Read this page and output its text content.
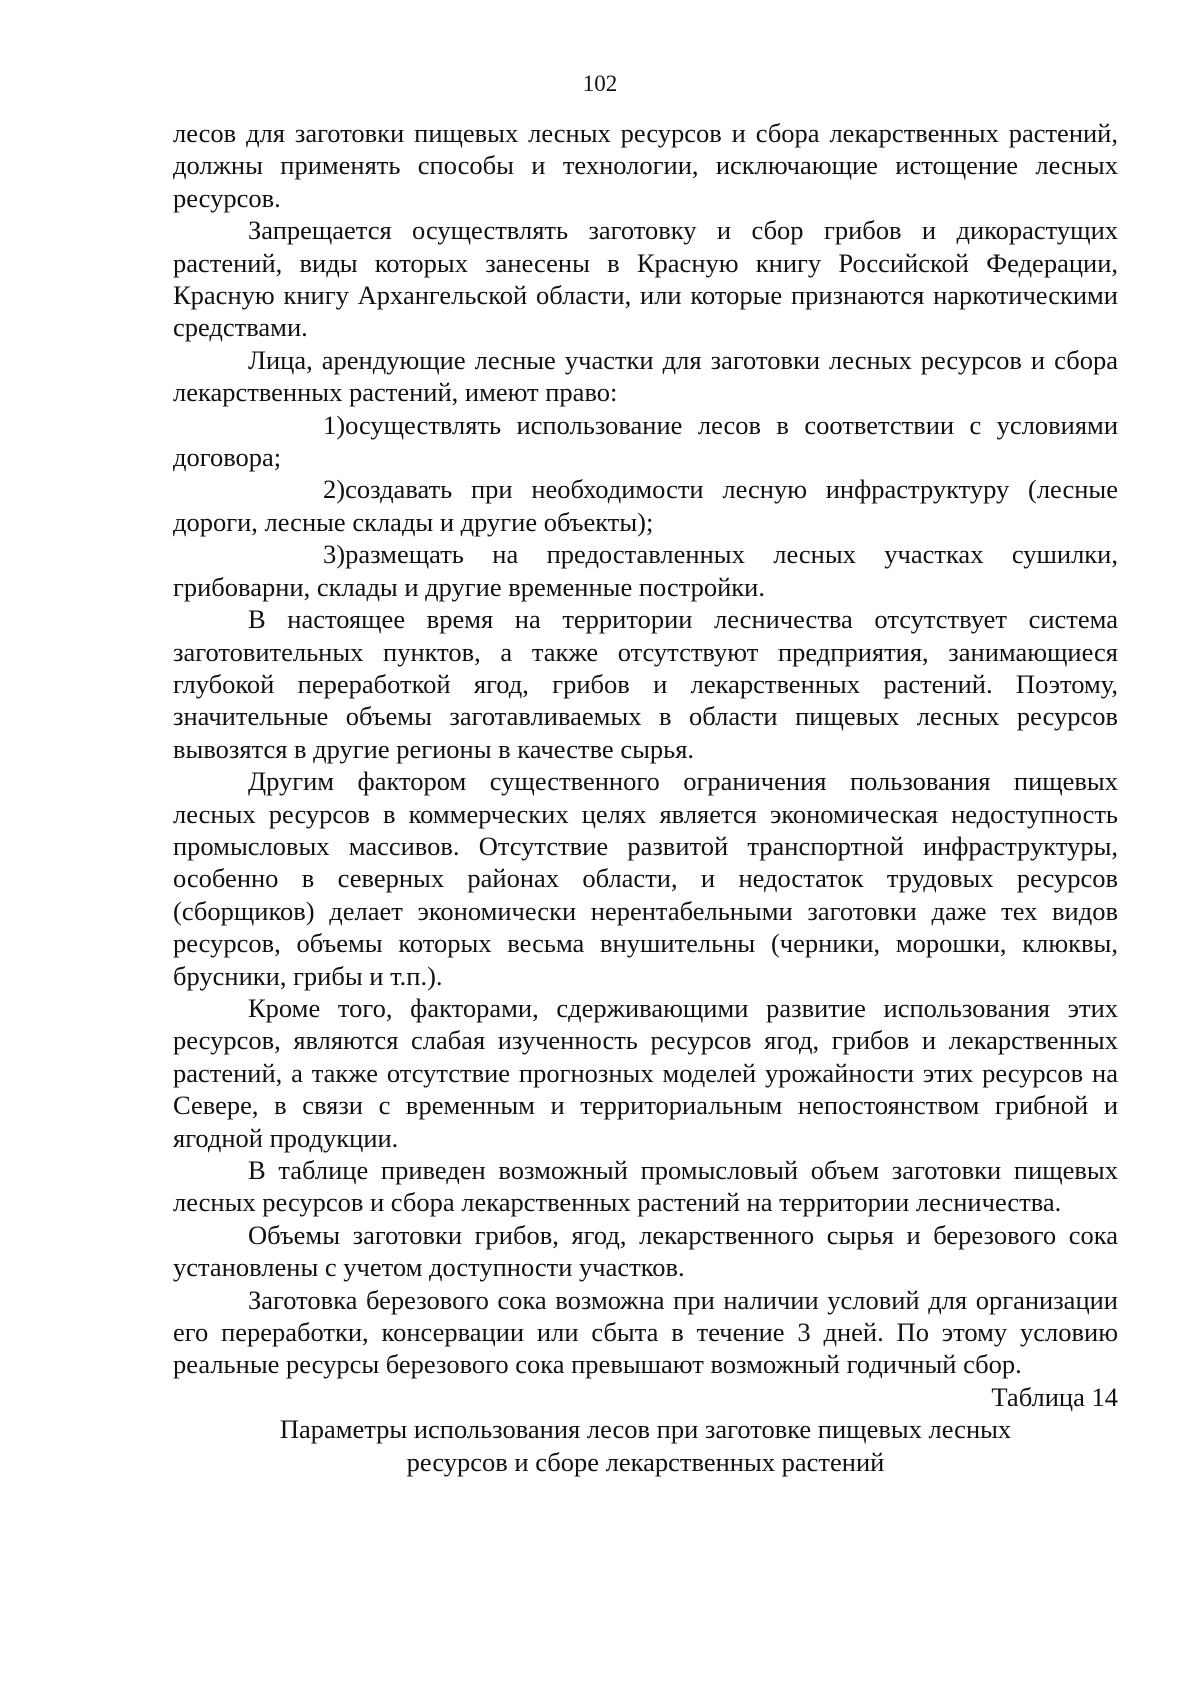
102

лесов для заготовки пищевых лесных ресурсов и сбора лекарственных растений, должны применять способы и технологии, исключающие истощение лесных ресурсов.

Запрещается осуществлять заготовку и сбор грибов и дикорастущих растений, виды которых занесены в Красную книгу Российской Федерации, Красную книгу Архангельской области, или которые признаются наркотическими средствами.

Лица, арендующие лесные участки для заготовки лесных ресурсов и сбора лекарственных растений, имеют право:

1)осуществлять использование лесов в соответствии с условиями договора;

2)создавать при необходимости лесную инфраструктуру (лесные дороги, лесные склады и другие объекты);

3)размещать на предоставленных лесных участках сушилки, грибоварни, склады и другие временные постройки.

В настоящее время на территории лесничества отсутствует система заготовительных пунктов, а также отсутствуют предприятия, занимающиеся глубокой переработкой ягод, грибов и лекарственных растений. Поэтому, значительные объемы заготавливаемых в области пищевых лесных ресурсов вывозятся в другие регионы в качестве сырья.

Другим фактором существенного ограничения пользования пищевых лесных ресурсов в коммерческих целях является экономическая недоступность промысловых массивов. Отсутствие развитой транспортной инфраструктуры, особенно в северных районах области, и недостаток трудовых ресурсов (сборщиков) делает экономически нерентабельными заготовки даже тех видов ресурсов, объемы которых весьма внушительны (черники, морошки, клюквы, брусники, грибы и т.п.).

Кроме того, факторами, сдерживающими развитие использования этих ресурсов, являются слабая изученность ресурсов ягод, грибов и лекарственных растений, а также отсутствие прогнозных моделей урожайности этих ресурсов на Севере, в связи с временным и территориальным непостоянством грибной и ягодной продукции.

В таблице приведен возможный промысловый объем заготовки пищевых лесных ресурсов и сбора лекарственных растений на территории лесничества.

Объемы заготовки грибов, ягод, лекарственного сырья и березового сока установлены с учетом доступности участков.

Заготовка березового сока возможна при наличии условий для организации его переработки, консервации или сбыта в течение 3 дней. По этому условию реальные ресурсы березового сока превышают возможный годичный сбор.

Таблица 14

Параметры использования лесов при заготовке пищевых лесных
ресурсов и сборе лекарственных растений
